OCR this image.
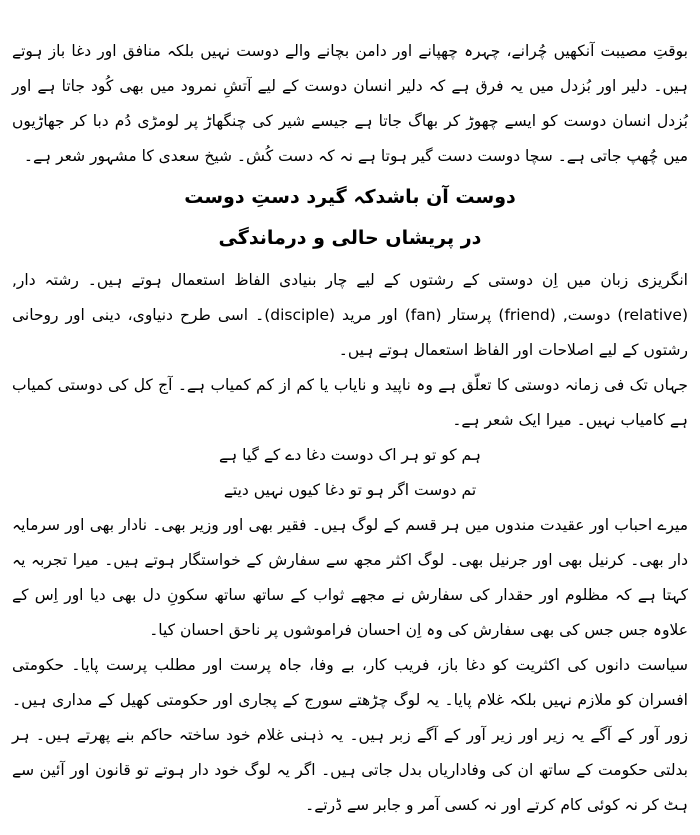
بوقتِ مصیبت آنکھیں چُرانے، چہرہ چھپانے اور دامن بچانے والے دوست نہیں بلکہ منافق اور دغا باز ہوتے ہیں۔ دلیر اور بُزدل میں یہ فرق ہے کہ دلیر انسان دوست کے لیے آتشِ نمرود میں بھی کُود جاتا ہے اور بُزدل انسان دوست کو ایسے چھوڑ کر بھاگ جاتا ہے جیسے شیر کی چنگھاڑ پر لومڑی دُم دبا کر جھاڑیوں میں چُھپ جاتی ہے۔ سچا دوست دست گیر ہوتا ہے نہ کہ دست کُش۔ شیخ سعدی کا مشہور شعر ہے۔

دوست آن باشدکہ گیرد دستِ دوست
در پریشاں حالی و درماندگی

انگریزی زبان میں اِن دوستی کے رشتوں کے لیے چار بنیادی الفاظ استعمال ہوتے ہیں۔ رشتہ دار, (relative) دوست, (friend) پرستار (fan) اور مرید (disciple)۔ اسی طرح دنیاوی، دینی اور روحانی رشتوں کے لیے اصلاحات اور الفاظ استعمال ہوتے ہیں۔

جہاں تک فی زمانہ دوستی کا تعلّق ہے وہ ناپید و نایاب یا کم از کم کمیاب ہے۔ آج کل کی دوستی کمیاب ہے کامیاب نہیں۔ میرا ایک شعر ہے۔

ہم کو تو ہر اک دوست دغا دے کے گیا ہے
تم دوست اگر ہو تو دغا کیوں نہیں دیتے

میرے احباب اور عقیدت مندوں میں ہر قسم کے لوگ ہیں۔ فقیر بھی اور وزیر بھی۔ نادار بھی اور سرمایہ دار بھی۔ کرنیل بھی اور جرنیل بھی۔ لوگ اکثر مجھ سے سفارش کے خواستگار ہوتے ہیں۔ میرا تجربہ یہ کہتا ہے کہ مظلوم اور حقدار کی سفارش نے مجھے ثواب کے ساتھ ساتھ سکونِ دل بھی دیا اور اِس کے علاوہ جس جس کی بھی سفارش کی وہ اِن احسان فراموشوں پر ناحق احسان کیا۔

سیاست دانوں کی اکثریت کو دغا باز، فریب کار، بے وفا، جاہ پرست اور مطلب پرست پایا۔ حکومتی افسران کو ملازم نہیں بلکہ غلام پایا۔ یہ لوگ چڑھتے سورج کے پجاری اور حکومتی کھیل کے مداری ہیں۔ زور آور کے آگے یہ زیر اور زیر آور کے آگے زبر ہیں۔ یہ ذہنی غلام خود ساختہ حاکم بنے پھرتے ہیں۔ ہر بدلتی حکومت کے ساتھ ان کی وفاداریاں بدل جاتی ہیں۔ اگر یہ لوگ خود دار ہوتے تو قانون اور آئین سے ہٹ کر نہ کوئی کام کرتے اور نہ کسی آمر و جابر سے ڈرتے۔
